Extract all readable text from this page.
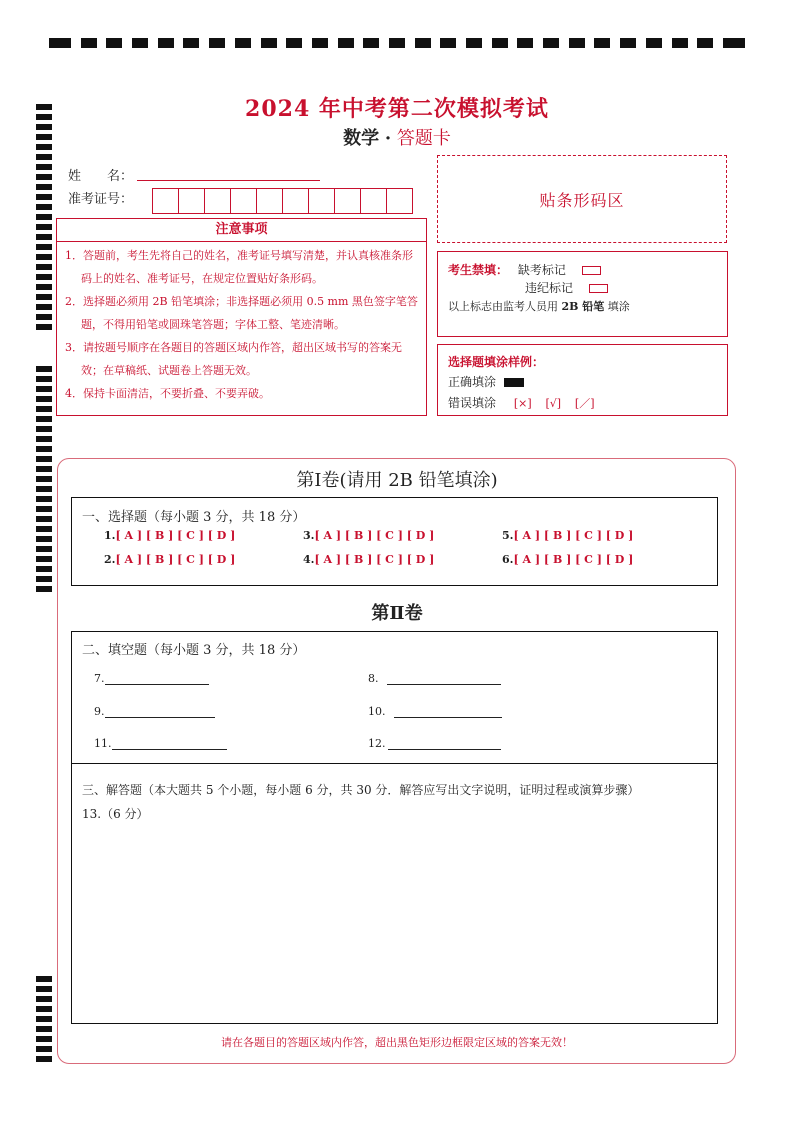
2024 年中考第二次模拟考试
数学 · 答题卡
姓　　名：
准考证号：	贴条形码区
注意事项
1．答题前，考生先将自己的姓名，准考证号填写清楚，并认真核准条形码上的姓名、准考证号，在规定位置贴好条形码。
2．选择题必须用 2B 铅笔填涂；非选择题必须用 0.5 mm 黑色签字笔答题，不得用铅笔或圆珠笔答题；字体工整、笔迹清晰。
3．请按题号顺序在各题目的答题区域内作答，超出区域书写的答案无效；在草稿纸、试题卷上答题无效。
4．保持卡面清洁，不要折叠、不要弄破。
考生禁填： 缺考标记
违纪标记
以上标志由监考人员用 2B 铅笔 填涂
选择题填涂样例：
正确填涂
错误填涂 [×] [√] [／]
第Ⅰ卷(请用 2B 铅笔填涂)
一、选择题（每小题 3 分，共 18 分）
1.[ A ] [ B ] [ C ] [ D ]
2.[ A ] [ B ] [ C ] [ D ]
3.[ A ] [ B ] [ C ] [ D ]
4.[ A ] [ B ] [ C ] [ D ]
5.[ A ] [ B ] [ C ] [ D ]
6.[ A ] [ B ] [ C ] [ D ]
第Ⅱ卷
二、填空题（每小题 3 分，共 18 分）
7.	8.
9.	10.
11.	12.
三、解答题（本大题共 5 个小题，每小题 6 分，共 30 分．解答应写出文字说明，证明过程或演算步骤）
13.（6 分）
请在各题目的答题区域内作答，超出黑色矩形边框限定区域的答案无效！
